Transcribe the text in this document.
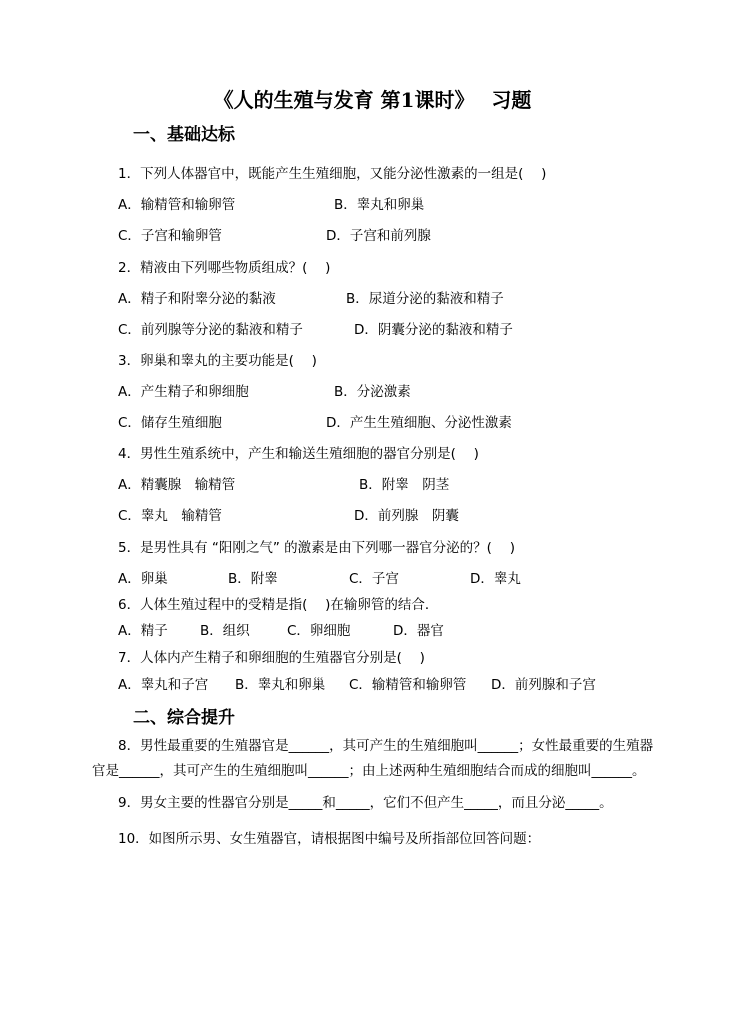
《人的生殖与发育 第1课时》　 习题
一、基础达标
1．下列人体器官中，既能产生生殖细胞，又能分泌性激素的一组是(　 )
A．输精管和输卵管	B．睾丸和卵巢
C．子宫和输卵管	D．子宫和前列腺
2．精液由下列哪些物质组成？(　 )
A．精子和附睾分泌的黏液	B．尿道分泌的黏液和精子
C．前列腺等分泌的黏液和精子	D．阴囊分泌的黏液和精子
3．卵巢和睾丸的主要功能是(　 )
A．产生精子和卵细胞	B．分泌激素
C．储存生殖细胞	D．产生生殖细胞、分泌性激素
4．男性生殖系统中，产生和输送生殖细胞的器官分别是(　 )
A．精囊腺　输精管	B．附睾　阴茎
C．睾丸　输精管	D．前列腺　阴囊
5．是男性具有 “阳刚之气” 的激素是由下列哪一器官分泌的？(　 )
A．卵巢	B．附睾	C．子宫	D．睾丸
6．人体生殖过程中的受精是指(　 )在输卵管的结合．
A．精子 B．组织	C．卵细胞	D．器官
7．人体内产生精子和卵细胞的生殖器官分别是(　 )
A．睾丸和子宫 B．睾丸和卵巢 C．输精管和输卵管 D．前列腺和子宫
二、综合提升
8．男性最重要的生殖器官是______，其可产生的生殖细胞叫______；女性最重要的生殖器官是______，其可产生的生殖细胞叫______；由上述两种生殖细胞结合而成的细胞叫______。
9．男女主要的性器官分别是_____和_____，它们不但产生_____，而且分泌_____。
10．如图所示男、女生殖器官，请根据图中编号及所指部位回答问题：
